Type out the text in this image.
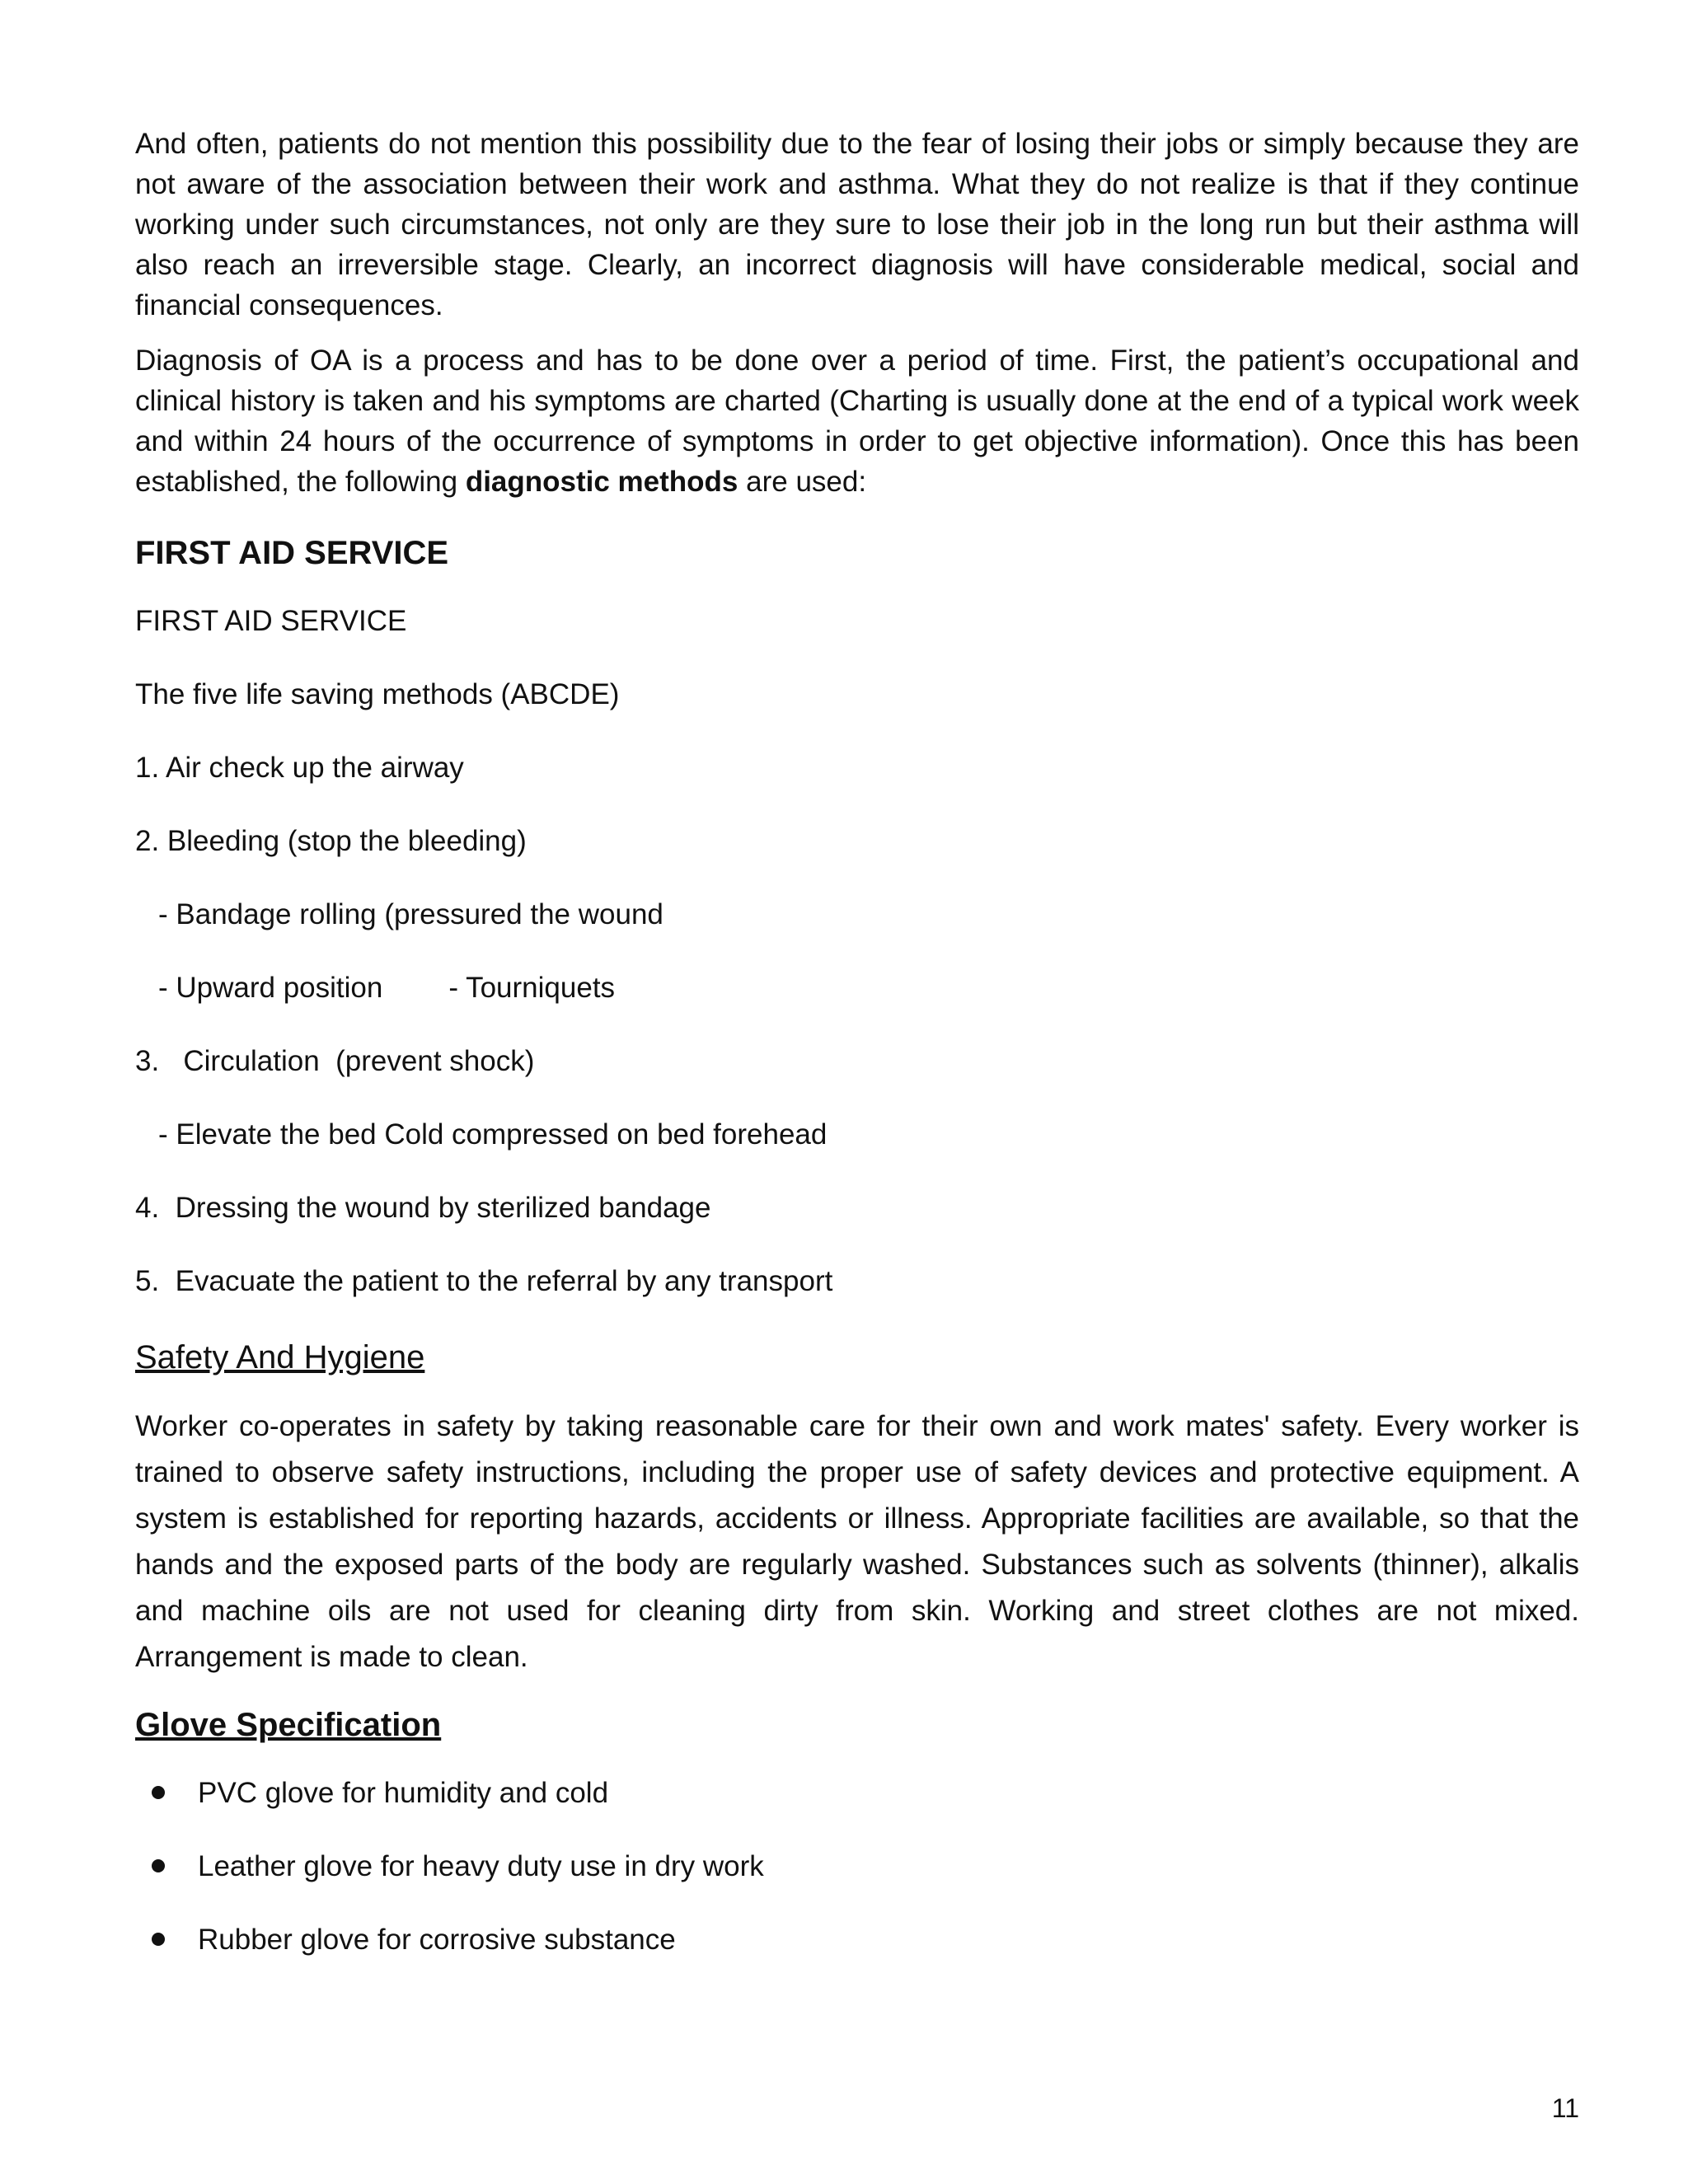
And often, patients do not mention this possibility due to the fear of losing their jobs or simply because they are not aware of the association between their work and asthma. What they do not realize is that if they continue working under such circumstances, not only are they sure to lose their job in the long run but their asthma will also reach an irreversible stage. Clearly, an incorrect diagnosis will have considerable medical, social and financial consequences.

Diagnosis of OA is a process and has to be done over a period of time. First, the patient’s occupational and clinical history is taken and his symptoms are charted (Charting is usually done at the end of a typical work week and within 24 hours of the occurrence of symptoms in order to get objective information). Once this has been established, the following diagnostic methods are used:

FIRST AID SERVICE
FIRST AID SERVICE
The five life saving methods (ABCDE)
1. Air check up the airway
2. Bleeding (stop the bleeding)
- Bandage rolling (pressured the wound
- Upward position - Tourniquets
3.   Circulation  (prevent shock)
- Elevate the bed Cold compressed on bed forehead
4.  Dressing the wound by sterilized bandage
5.  Evacuate the patient to the referral by any transport
Safety And Hygiene

Worker co-operates in safety by taking reasonable care for their own and work mates' safety. Every worker is trained to observe safety instructions, including the proper use of safety devices and protective equipment. A system is established for reporting hazards, accidents or illness. Appropriate facilities are available, so that the hands and the exposed parts of the body are regularly washed. Substances such as solvents (thinner), alkalis and machine oils are not used for cleaning dirty from skin. Working and street clothes are not mixed. Arrangement is made to clean.

Glove Specification
PVC glove for humidity and cold
Leather glove for heavy duty use in dry work
Rubber glove for corrosive substance
11
